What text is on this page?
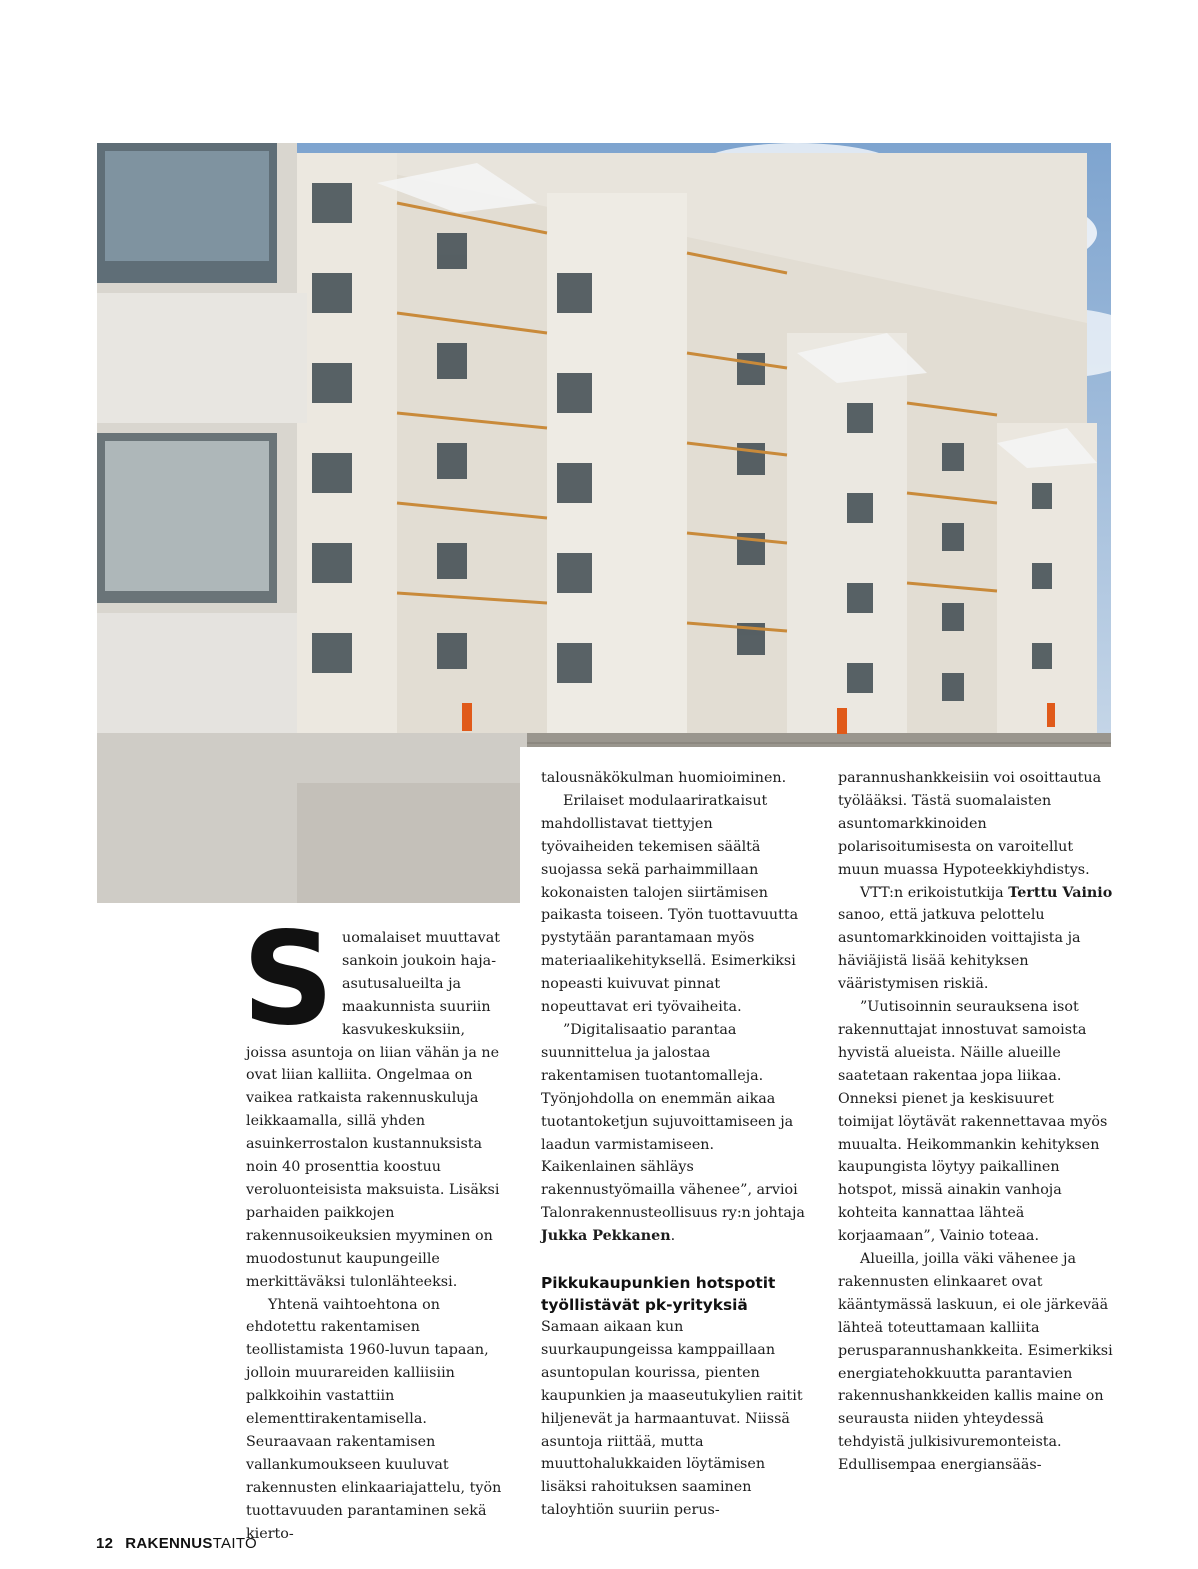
S uomalaiset muuttavat sankoin joukoin haja-asutusalueilta ja maakunnista suuriin kasvukeskuksiin, joissa asuntoja on liian vähän ja ne ovat liian kalliita. Ongelmaa on vaikea ratkaista rakennuskuluja leikkaamalla, sillä yhden asuinkerrostalon kustannuksista noin 40 prosenttia koostuu veroluonteisista maksuista. Lisäksi parhaiden paikkojen rakennusoikeuksien myyminen on muodostunut kaupungeille merkittäväksi tulonlähteeksi.

Yhtenä vaihtoehtona on ehdotettu rakentamisen teollistamista 1960-luvun tapaan, jolloin muurareiden kalliisiin palkkoihin vastattiin elementtirakentamisella. Seuraavaan rakentamisen vallankumoukseen kuuluvat rakennusten elinkaariajattelu, työn tuottavuuden parantaminen sekä kierto-

talousnäkökulman huomioiminen.

Erilaiset modulaariratkaisut mahdollistavat tiettyjen työvaiheiden tekemisen säältä suojassa sekä parhaimmillaan kokonaisten talojen siirtämisen paikasta toiseen. Työn tuottavuutta pystytään parantamaan myös materiaalikehityksellä. Esimerkiksi nopeasti kuivuvat pinnat nopeuttavat eri työvaiheita.

”Digitalisaatio parantaa suunnittelua ja jalostaa rakentamisen tuotantomalleja. Työnjohdolla on enemmän aikaa tuotantoketjun sujuvoittamiseen ja laadun varmistamiseen. Kaikenlainen sähläys rakennustyömailla vähenee”, arvioi Talonrakennusteollisuus ry:n johtaja Jukka Pekkanen.

Pikkukaupunkien hotspotit työllistävät pk-yrityksiä

Samaan aikaan kun suurkaupungeissa kamppaillaan asuntopulan kourissa, pienten kaupunkien ja maaseutukylien raitit hiljenevät ja harmaantuvat. Niissä asuntoja riittää, mutta muuttohalukkaiden löytämisen lisäksi rahoituksen saaminen taloyhtiön suuriin perus-

parannushankkeisiin voi osoittautua työlääksi. Tästä suomalaisten asuntomarkkinoiden polarisoitumisesta on varoitellut muun muassa Hypoteekkiyhdistys.

VTT:n erikoistutkija Terttu Vainio sanoo, että jatkuva pelottelu asuntomarkkinoiden voittajista ja häviäjistä lisää kehityksen vääristymisen riskiä.

”Uutisoinnin seurauksena isot rakennuttajat innostuvat samoista hyvistä alueista. Näille alueille saatetaan rakentaa jopa liikaa. Onneksi pienet ja keskisuuret toimijat löytävät rakennettavaa myös muualta. Heikommankin kehityksen kaupungista löytyy paikallinen hotspot, missä ainakin vanhoja kohteita kannattaa lähteä korjaamaan”, Vainio toteaa.

Alueilla, joilla väki vähenee ja rakennusten elinkaaret ovat kääntymässä laskuun, ei ole järkevää lähteä toteuttamaan kalliita perusparannushankkeita. Esimerkiksi energiatehokkuutta parantavien rakennushankkeiden kallis maine on seurausta niiden yhteydessä tehdyistä julkisivuremonteista. Edullisempaa energiansääs-

12 RAKENNUSTAITO
